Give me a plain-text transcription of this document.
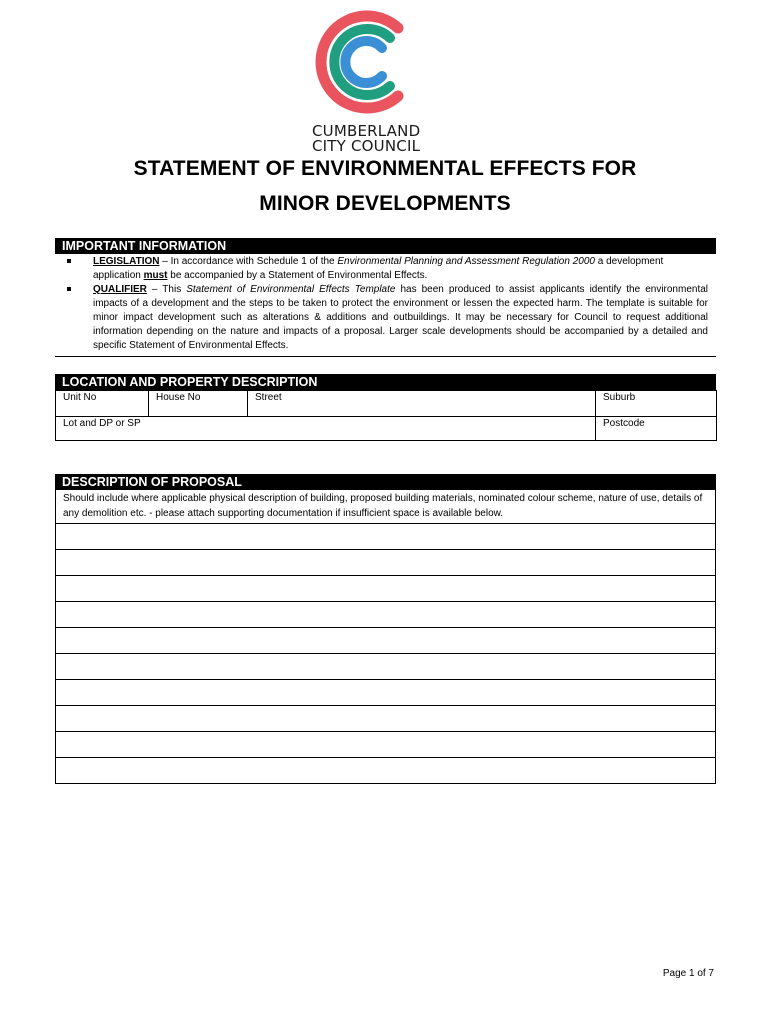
CUMBERLAND
CITY COUNCIL
STATEMENT OF ENVIRONMENTAL EFFECTS FOR
MINOR DEVELOPMENTS
IMPORTANT INFORMATION
LEGISLATION – In accordance with Schedule 1 of the Environmental Planning and Assessment Regulation 2000 a development application must be accompanied by a Statement of Environmental Effects.
QUALIFIER – This Statement of Environmental Effects Template has been produced to assist applicants identify the environmental impacts of a development and the steps to be taken to protect the environment or lessen the expected harm. The template is suitable for minor impact development such as alterations & additions and outbuildings. It may be necessary for Council to request additional information depending on the nature and impacts of a proposal. Larger scale developments should be accompanied by a detailed and specific Statement of Environmental Effects.
LOCATION AND PROPERTY DESCRIPTION
Unit No	House No	Street	Suburb
Lot and DP or SP			Postcode
DESCRIPTION OF PROPOSAL
Should include where applicable physical description of building, proposed building materials, nominated colour scheme, nature of use, details of any demolition etc. - please attach supporting documentation if insufficient space is available below.
Page 1 of 7
